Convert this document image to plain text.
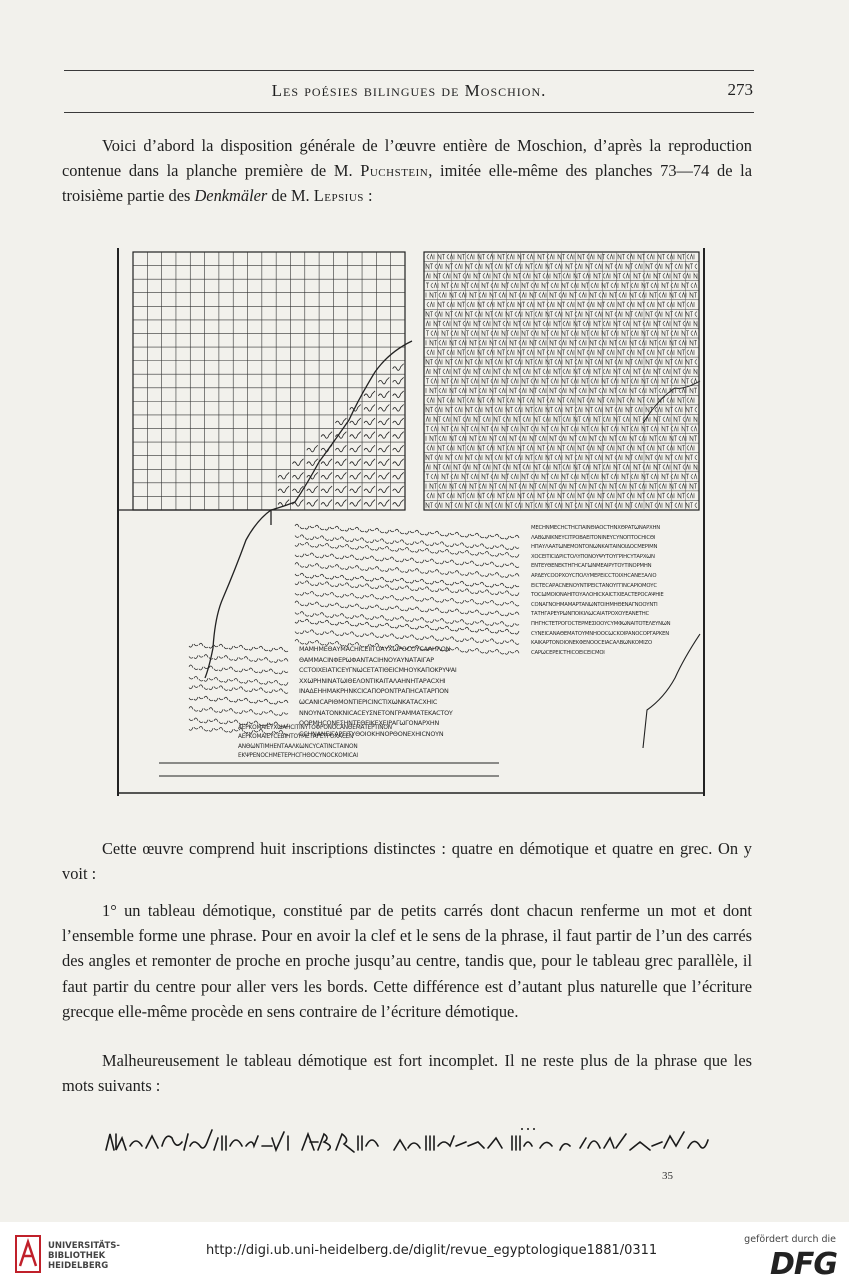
Les poésies bilingues de Moschion.	273

Voici d’abord la disposition générale de l’œuvre entière de Moschion, d’après la reproduction contenue dans la planche première de M. Puchstein, imitée elle-même des planches 73—74 de la troisième partie des Denkmäler de M. Lepsius :

ΜΕϹΗΝΜΕϹΗϹΤΗϹΠΑΙΝΘΙΑΟϹΤΗΝΧΘΡΑΤѠΝΑΡΧΗΝ
ΛΑΒѠΝΙΚΝΕΥϹΙΤΡΟΒΑΕΙΤΟΝΙΝΕΥϹΥΝΟΠΤΟϹΗΙϹΘΙ
ΗΠΑΥΛΑΑΤѠΝΕΜΟΝΤΟΝѠΝΚΑΙΤΑΙΝΟΙΔΟϹΜΕΡΙΜΝ
ΧΟϹΕΙΤΙϹΙΔΡΙϹΤΟΛΥΠΟΝΟΥΨΥΤΟΥΓΡΙΗϹΥΤΑΡΧѠΝ
ΕΝΤΕΥΘΕΝΕΚΤΗΓΗϹΑΓѠΝΜΕΑΙΡΥΤΟΥΤΙΝΟΡΜΗΝ
ΑΡΔΕΥϹΟΟΡΧΟΥϹΠΟΛΥΜΕΡΕΙϹϹΤΟΙΧΗϹΑΝΕΞΑΛΙΟ
ΕΙϹΤΕϹΑΡΑϹΝΕΝΟΥΝΤΙΡΕΙϹΤΑΝΟΥΓΓΙΝϹΑΡΙΟΜΟΥϹ
ΤΟϹѠΜΟΙΟΝΑΗΙΤΟΥΑΛΟΗΙϹΚΑΙϹΤΧΙΕΑϹΤΕΡΟϹΑΨΗΙΕ
ϹΟΝΑΓΝΟΗΜΑΜΑΡΤΑΝѠΝΤΟΙΗΜΗΘΕΝΑΓΝΟΟΥΝΤΙ
ΤΑΤΗΓΑΡΕΥΡѠΝΠΟΙΚΙΛѠϹΑΙΑΤΡΟΧΟΥΕΑΝΕΤΗϹ
ΠΗΓΗϹΤΕΤΡΟΓΟϹΤΕΡΜΕΣΙΟΟΥϹΥΜΦѠΝΑΙΤΟΤΕΛΕΥΝѠΝ
ϹΥΝΕΙϹΑΝΑΘΕΜΑΤΟΥΜΝΗΟΟϹѠϹΚΟΙΡΑΝΟϹΟΡΓΑΡΚΕΝ
ΚΑΙΚΑΡΤΟΝΟΙΟΝΕΚΦΕΝΟΟϹΕΙΑϹΑΛΒѠΝΚΟΜΙΖΟ
ϹΑΡѠϹΕΡΕΙϹΤΗΙϹΟΕΙϹΕΙϹΜΟΙ
ΜΑΜΗΜΕΘΑΥΜΑϹΗΙϹΕΙΙΤΟΑΥΧѠΡΟϹΟΥϹΑΑΗΛΟΝ
ΘΑΜΜΑϹΙΝΦΕΡѠΦΑΝΤΑϹΙΗΝΟΥΑΥΝΑΤΑΙΓΑΡ
ϹϹΤΟΙΧΕΙΑΤΙϹΕΥΓΝѠϹΕΤΑΤΙΘΕΙϹΜΗΟΥΚΑΠΟΚΡΥΨΑΙ
ΧΧѠΡΗΝΙΝΑΤѠΙΘΕΛΟΝΤΙΚΑΙΤΑΛΑΗΝΗΤΑΡΑϹΧΗΙ
ΙΝΑΔΕΗΗΜΑΚΡΗΝΚϹΙϹΑΠΟΡΟΝΤΡΑΠΗϹΑΤΑΡΠΟΝ
ѠϹΑΝΙϹΑΡΙΘΜΟΝΤΙΕΡΙϹΙΝϹΤΙΧѠΝΚΑΤΑϹΧΗΙϹ
ΝΝΟΥΝΑΤΟΝΚΝΙϹΑϹΕΥΣΝΕΤΟΝΓΡΑΜΜΑΤΕΚΑϹΤΟΥ
ΟΟΡΜΗϹΟΝΕΣΗΝΤΕΘΕΙΚΕΧΕΙΡΑΓѠΓΟΝΑΡΧΗΝ
ϹϹΗΝΑΝΕΙΓΑΡΕΙΤΥΘΟΙΟΚΗΝΟΡΘΟΝΕΧΗΙϹΝΟΥΝ
ΑΕΡΚΟΜΑΙΕΥΧѠΑΗϹΙΤΙΝΥΤΟΦΡΟΝΟϹΑΝΘΕΜΑΤΕΡΤΙΝΟΝ
ΑΕΡΚΟΜΑΙΕΥϹΕΒΙΗΤΟΥΜΕΤΑΡΕΤΡΟΧΑϹΕΝ
ΑΝΘѠΝΤΙΜΗΕΝΤΑΑΛΚѠΝϹΥϹΑΤΙΝϹΤΑΙΝΟΝ
ΕΚΨΡΕΝΟϹΗΜΕΤΕΡΗϹΓΗΘΟϹΥΝΟϹΚΟΜΙϹΑΙ

Cette œuvre comprend huit inscriptions distinctes : quatre en démotique et quatre en grec. On y voit :

1° un tableau démotique, constitué par de petits carrés dont chacun renferme un mot et dont l’ensemble forme une phrase. Pour en avoir la clef et le sens de la phrase, il faut partir de l’un des carrés des angles et remonter de proche en proche jusqu’au centre, tandis que, pour le tableau grec parallèle, il faut partir du centre pour aller vers les bords. Cette différence est d’autant plus naturelle que l’écriture grecque elle-même procède en sens contraire de l’écriture démotique.

Malheureusement le tableau démotique est fort incomplet. Il ne reste plus de la phrase que les mots suivants :

35
UNIVERSITÄTS-
BIBLIOTHEK
HEIDELBERG
http://digi.ub.uni-heidelberg.de/diglit/revue_egyptologique1881/0311
gefördert durch die
DFG
